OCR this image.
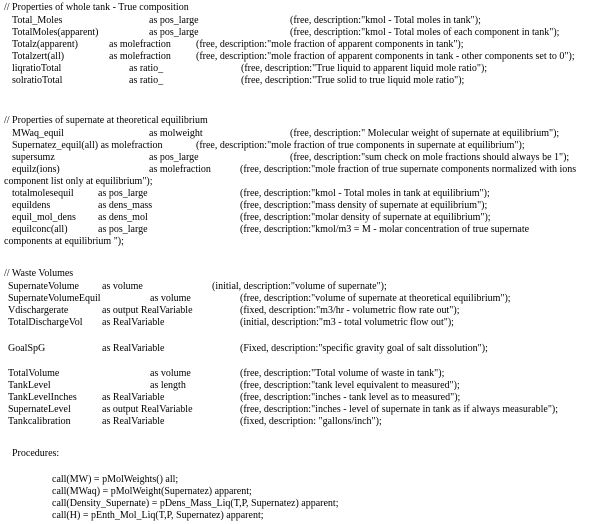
// Properties of whole tank - True composition
Total_Moles	as pos_large	(free, description:"kmol - Total moles in tank");
TotalMoles(apparent)	as pos_large	(free, description:"kmol - Total moles of each component in tank");
Totalz(apparent)	as molefraction	(free, description:"mole fraction of apparent components in tank");
Totalzert(all)	as molefraction	(free, description:"mole fraction of apparent components in tank - other components set to 0");
liqratioTotal	as ratio_	(free, description:"True liquid to apparent liquid mole ratio");
solratioTotal	as ratio_	(free, description:"True solid to true liquid mole ratio");
// Properties of supernate at theoretical equilibrium
MWaq_equil	as molweight	(free, description:" Molecular weight of supernate at equilibrium");
Supernatez_equil(all) as molefraction	(free, description:"mole fraction of true components in supernate at equilibrium");
supersumz	as pos_large	(free, description:"sum check on mole fractions should always be 1");
equilz(ions)	as molefraction	(free, description:"mole fraction of true supernate components normalized with ions
component list only at equilibrium");
totalmolesequil as pos_large	(free, description:"kmol - Total moles in tank at equilibrium");
equildens	as dens_mass	(free, description:"mass density of supernate at equilibrium");
equil_mol_dens as dens_mol	(free, description:"molar density of supernate at equilibrium");
equilconc(all)	as pos_large	(free, description:"kmol/m3 = M - molar concentration of true supernate
components at equilibrium ");
// Waste Volumes
SupernateVolume as volume	(initial, description:"volume of supernate");
SupernateVolumeEquil	as volume	(free, description:"volume of supernate at theoretical equilibrium");
Vdischargerate	as output RealVariable	(fixed, description:"m3/hr - volumetric flow rate out");
TotalDischargeVol as RealVariable	(initial, description:"m3 - total volumetric flow out");
GoalSpG	as RealVariable	(Fixed, description:"specific gravity goal of salt dissolution");
TotalVolume	as volume	(free, description:"Total volume of waste in tank");
TankLevel	as length	(free, description:"tank level equivalent to measured");
TankLevelInches	as RealVariable	(free, description:"inches - tank level as to measured");
SupernateLevel	as output RealVariable	(free, description:"inches - level of supernate in tank as if always measurable");
Tankcalibration	as RealVariable	(fixed, description: "gallons/inch");
Procedures:
call(MW) = pMolWeights() all;
call(MWaq) = pMolWeight(Supernatez) apparent;
call(Density_Supernate) = pDens_Mass_Liq(T,P, Supernatez) apparent;
call(H) = pEnth_Mol_Liq(T,P, Supernatez) apparent;
